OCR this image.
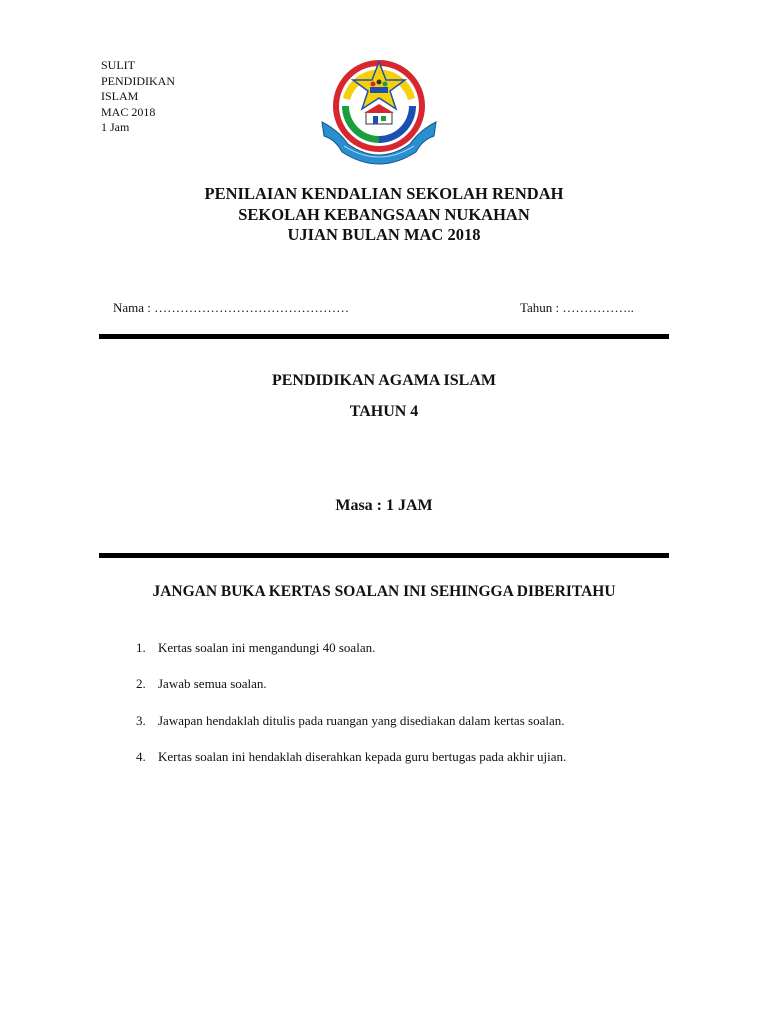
SULIT
PENDIDIKAN
ISLAM
MAC 2018
1 Jam
PENILAIAN KENDALIAN SEKOLAH RENDAH
SEKOLAH KEBANGSAAN NUKAHAN
UJIAN BULAN MAC 2018
Nama : ………………………………………	Tahun : ……………..
PENDIDIKAN AGAMA ISLAM
TAHUN 4
Masa : 1 JAM
JANGAN BUKA KERTAS SOALAN INI SEHINGGA DIBERITAHU
1. Kertas soalan ini mengandungi 40 soalan.
2. Jawab semua soalan.
3. Jawapan hendaklah ditulis pada ruangan yang disediakan dalam kertas soalan.
4. Kertas soalan ini hendaklah diserahkan kepada guru bertugas pada akhir ujian.
